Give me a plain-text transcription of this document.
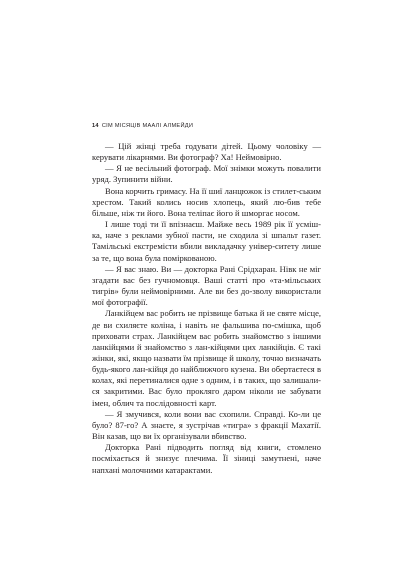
14 СІМ МІСЯЦІВ МААЛІ АЛМЕЙДИ

— Цій жінці треба годувати дітей. Цьому чоловіку — керувати лікарнями. Ви фотограф? Ха! Неймовірно.

— Я не весільний фотограф. Мої знімки можуть повалити уряд. Зупинити війни.

Вона корчить гримасу. На її шиї ланцюжок із стилет-ським хрестом. Такий колись носив хлопець, який лю-бив тебе більше, ніж ти його. Вона теліпає його й шморгає носом.

І лише тоді ти її впізнаєш. Майже весь 1989 рік її усміш-ка, наче з реклами зубної пасти, не сходила зі шпальт газет. Тамільські екстремісти вбили викладачку універ-ситету лише за те, що вона була поміркованою.

— Я вас знаю. Ви — докторка Рані Срідхаран. Нівк не міг згадати вас без гучномовця. Ваші статті про «та-мільських тигрів» були неймовірними. Але ви без до-зволу використали мої фотографії.

Ланкійцем вас робить не прізвище батька й не святе місце, де ви схиляєте коліна, і навіть не фальшива по-смішка, щоб приховати страх. Ланкійцем вас робить знайомство з іншими ланкійцями й знайомство з лан-кійцями цих ланкійців. Є такі жінки, які, якщо назвати їм прізвище й школу, точно визначать будь-якого лан-кійця до найближчого кузена. Ви обертаєтеся в колах, які перетиналися одне з одним, і в таких, що залишали-ся закритими. Вас було прокляго даром ніколи не забувати імен, облич та послідовності карт.

— Я змучився, коли вони вас схопили. Справді. Ко-ли це було? 87-го? А знаєте, я зустрічав «тигра» з фракції Махатії. Він казав, що ви їх організували вбивство.

Докторка Рані підводить погляд від книги, стомлено посміхається й знизує плечима. Її зіниці замутнені, наче напхані молочними катарактами.
